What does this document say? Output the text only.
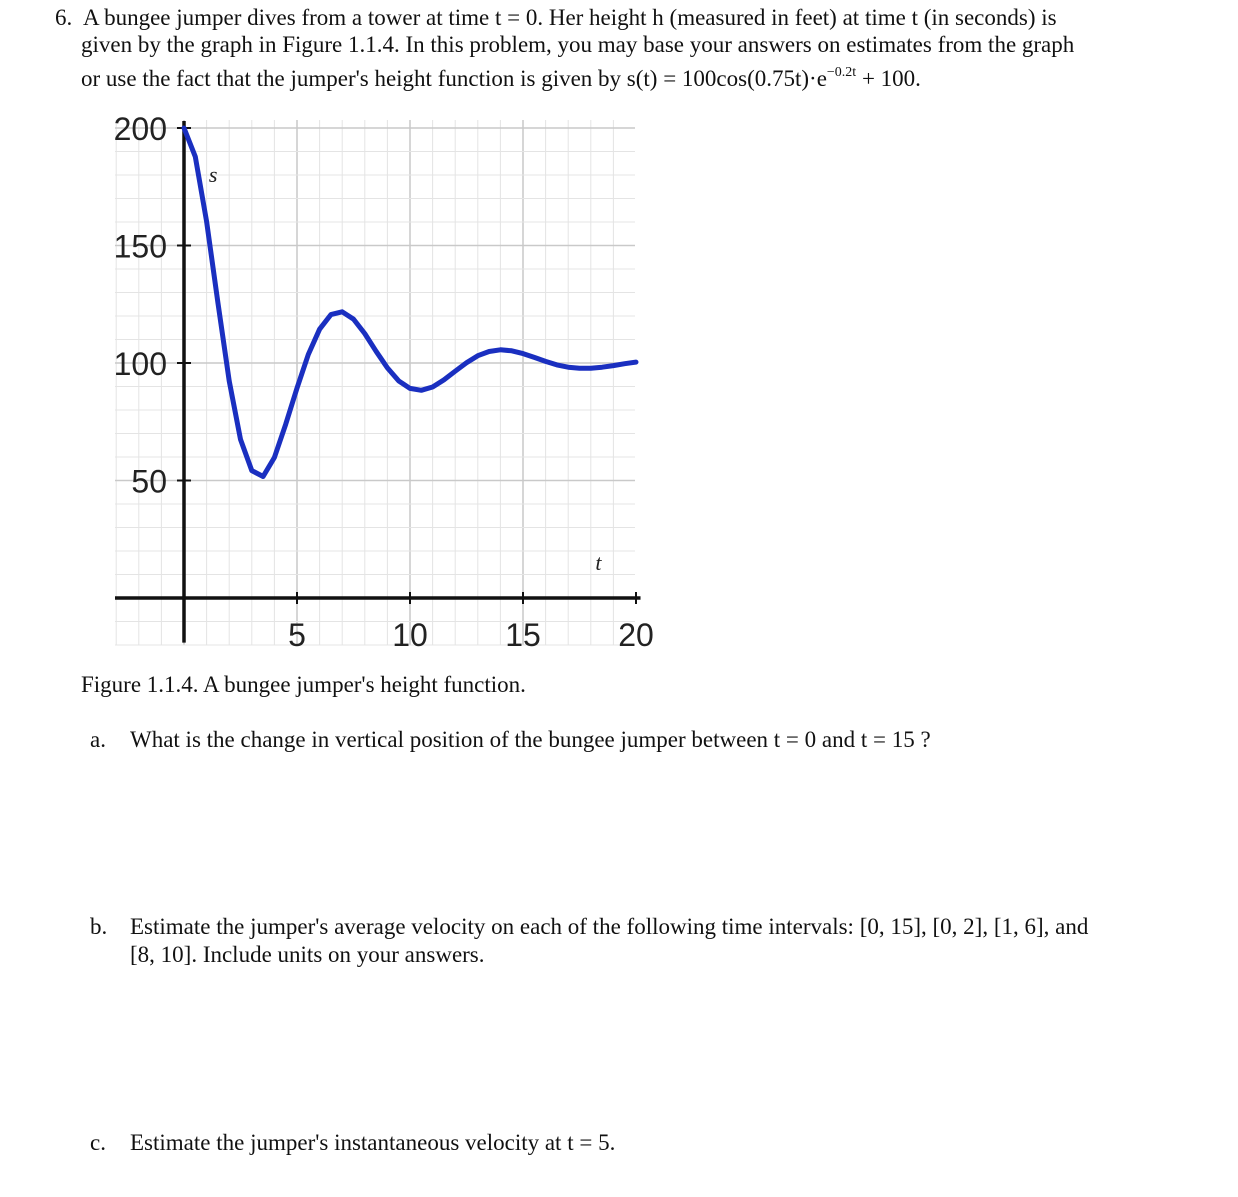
6. A bungee jumper dives from a tower at time t = 0. Her height h (measured in feet) at time t (in seconds) is
given by the graph in Figure 1.1.4. In this problem, you may base your answers on estimates from the graph
or use the fact that the jumper's height function is given by $s(t) = 100\cos(0.75t)\cdot e^{-0.2t} + 100$.
5	10 15 20
50
100
150
200
s
t
Figure 1.1.4. A bungee jumper's height function.
a. What is the change in vertical position of the bungee jumper between t = 0 and t = 15 ?
b. Estimate the jumper's average velocity on each of the following time intervals: [0, 15], [0, 2], [1, 6], and
[8, 10]. Include units on your answers.
c. Estimate the jumper's instantaneous velocity at t = 5.
